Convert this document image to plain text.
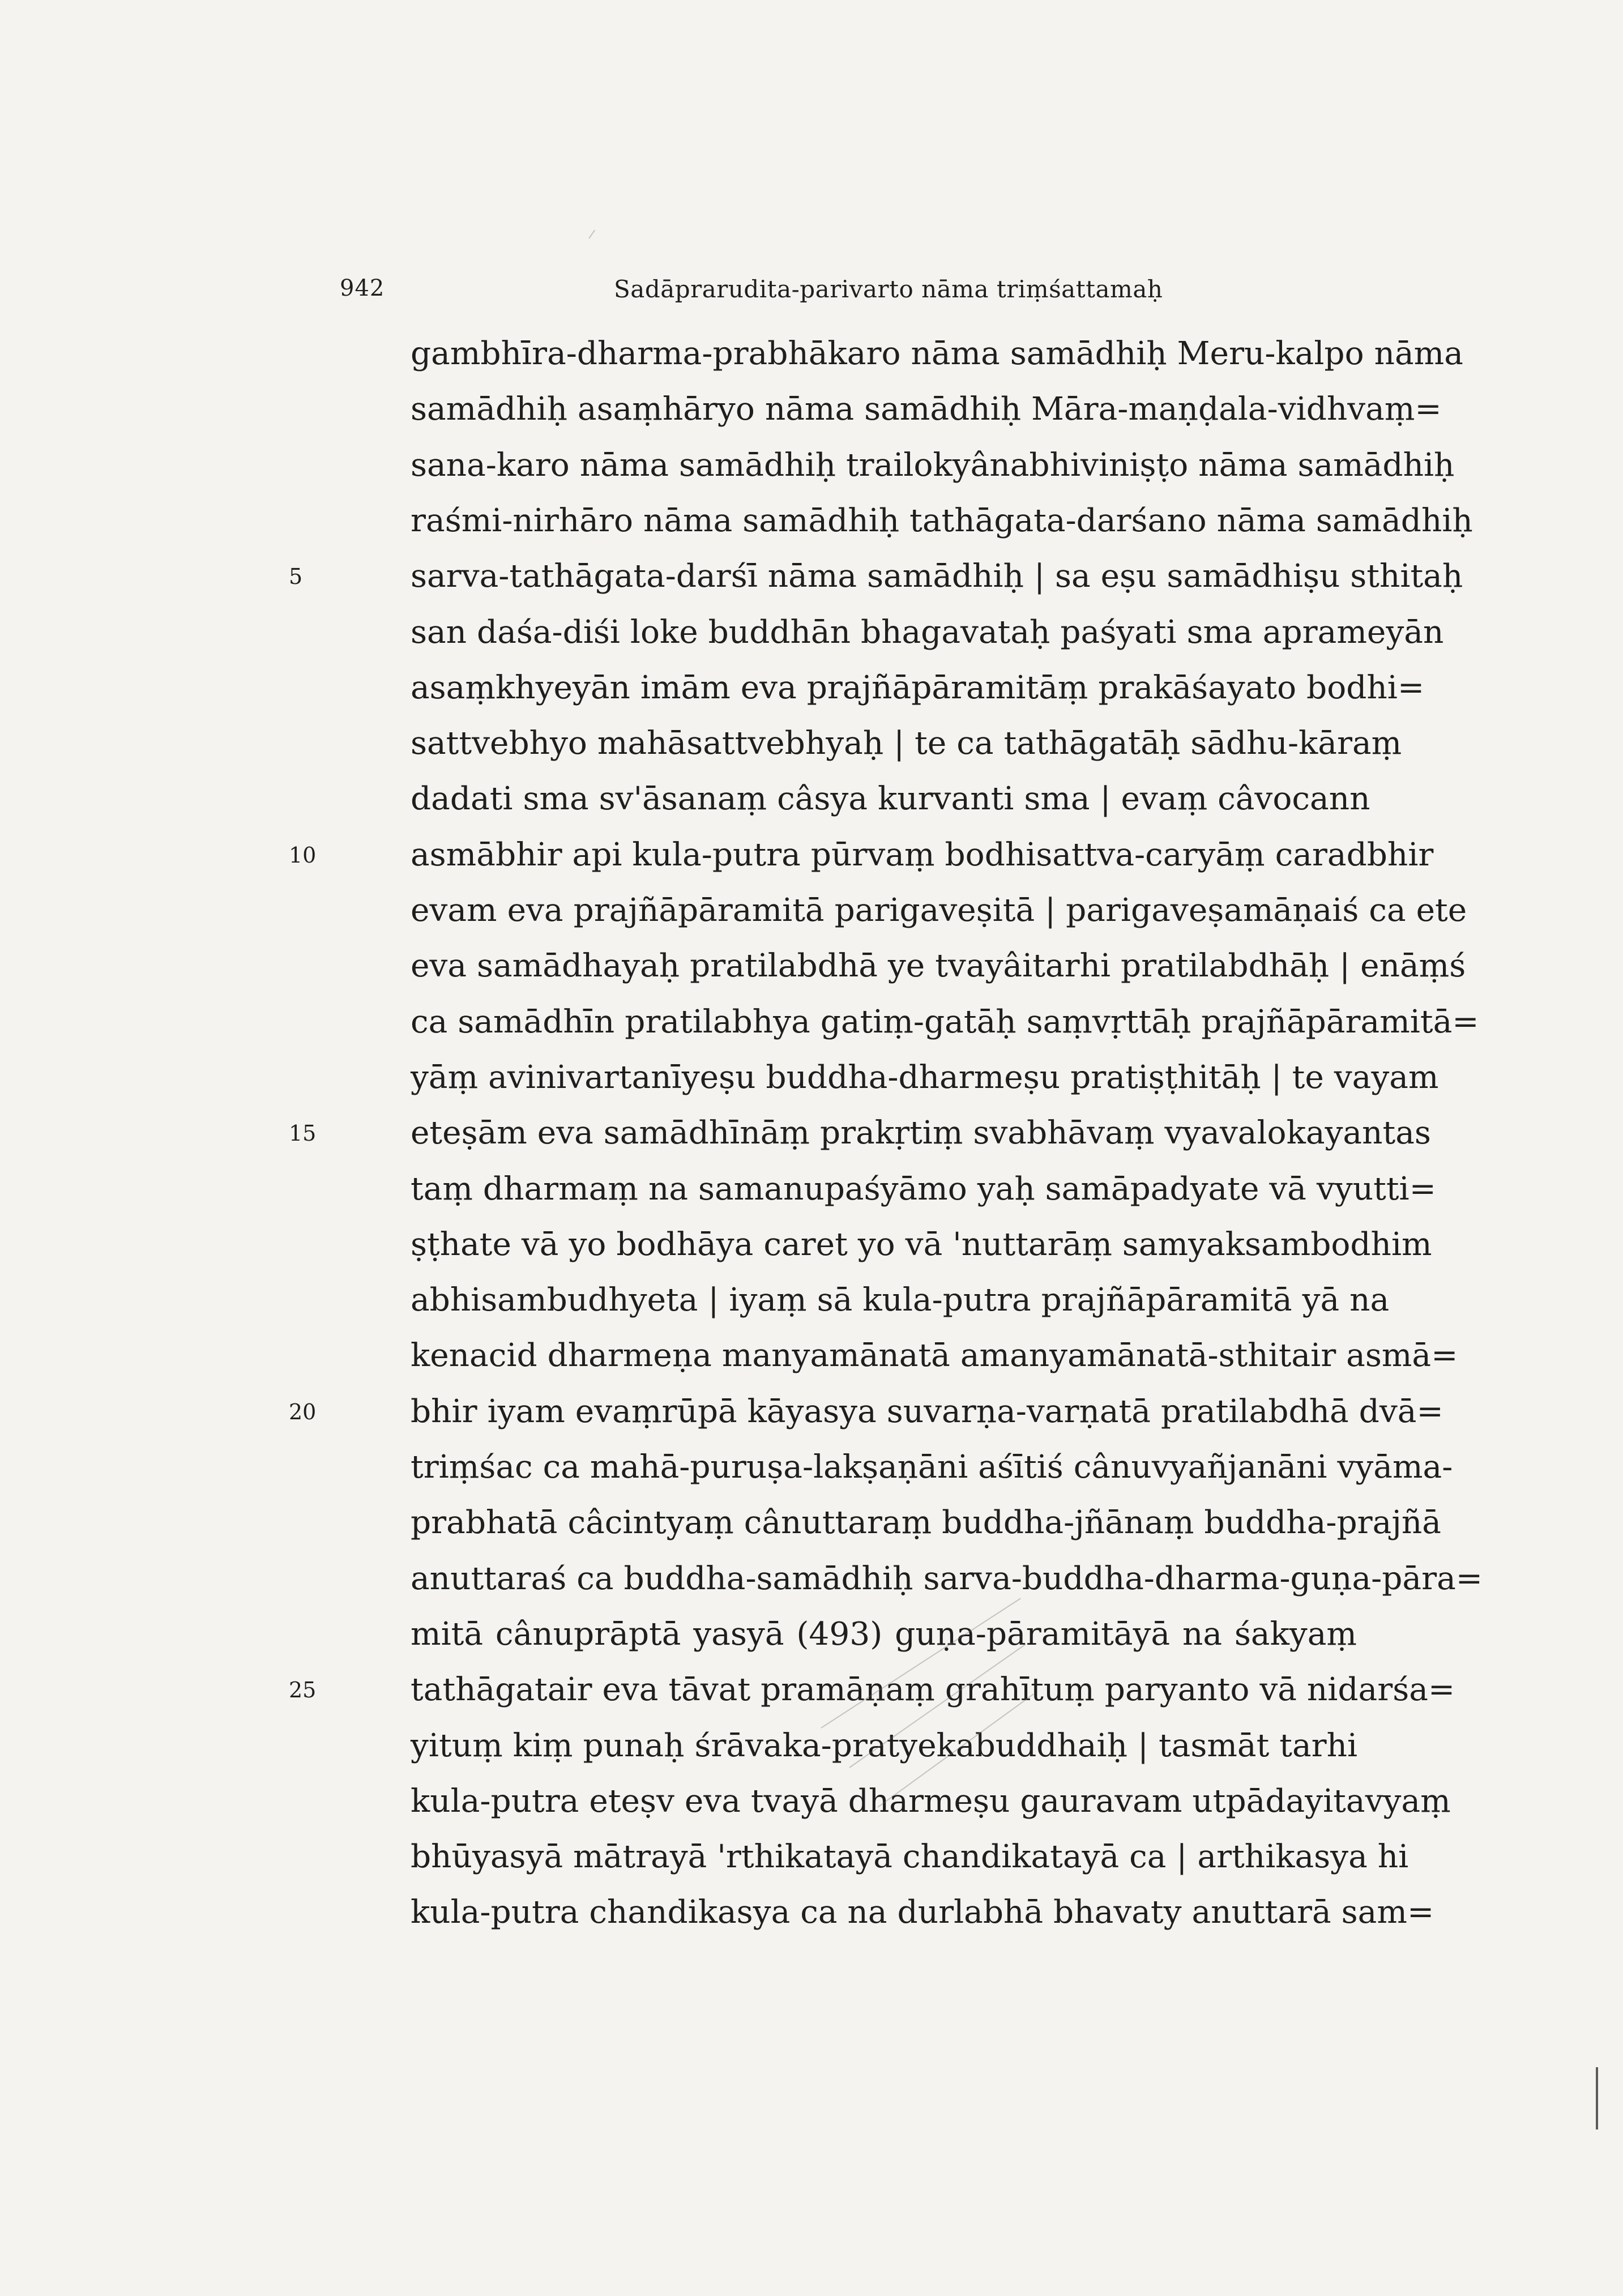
942	Sadāprarudita-parivarto nāma triṃśattamaḥ
gambhīra-dharma-prabhākaro nāma samādhiḥ Meru-kalpo nāma
samādhiḥ asaṃhāryo nāma samādhiḥ Māra-maṇḍala-vidhvaṃ=
sana-karo nāma samādhiḥ trailokyânabhiviniṣṭo nāma samādhiḥ
raśmi-nirhāro nāma samādhiḥ tathāgata-darśano nāma samādhiḥ
sarva-tathāgata-darśī nāma samādhiḥ | sa eṣu samādhiṣu sthitaḥ
san daśa-diśi loke buddhān bhagavataḥ paśyati sma aprameyān
asaṃkhyeyān imām eva prajñāpāramitāṃ prakāśayato bodhi=
sattvebhyo mahāsattvebhyaḥ | te ca tathāgatāḥ sādhu-kāraṃ
dadati sma sv'āsanaṃ câsya kurvanti sma | evaṃ câvocann
asmābhir api kula-putra pūrvaṃ bodhisattva-caryāṃ caradbhir
evam eva prajñāpāramitā parigaveṣitā | parigaveṣamāṇaiś ca ete
eva samādhayaḥ pratilabdhā ye tvayâitarhi pratilabdhāḥ | enāṃś
ca samādhīn pratilabhya gatiṃ-gatāḥ saṃvṛttāḥ prajñāpāramitā=
yāṃ avinivartanīyeṣu buddha-dharmeṣu pratiṣṭhitāḥ | te vayam
eteṣām eva samādhīnāṃ prakṛtiṃ svabhāvaṃ vyavalokayantas
taṃ dharmaṃ na samanupaśyāmo yaḥ samāpadyate vā vyutti=
ṣṭhate vā yo bodhāya caret yo vā 'nuttarāṃ samyaksambodhim
abhisambudhyeta | iyaṃ sā kula-putra prajñāpāramitā yā na
kenacid dharmeṇa manyamānatā amanyamānatā-sthitair asmā=
bhir iyam evaṃrūpā kāyasya suvarṇa-varṇatā pratilabdhā dvā=
triṃśac ca mahā-puruṣa-lakṣaṇāni aśītiś cânuvyañjanāni vyāma-
prabhatā câcintyaṃ cânuttaraṃ buddha-jñānaṃ buddha-prajñā
anuttaraś ca buddha-samādhiḥ sarva-buddha-dharma-guṇa-pāra=
mitā cânuprāptā yasyā (493) guṇa-pāramitāyā na śakyaṃ
tathāgatair eva tāvat pramāṇaṃ grahītuṃ paryanto vā nidarśa=
yituṃ kiṃ punaḥ śrāvaka-pratyekabuddhaiḥ | tasmāt tarhi
kula-putra eteṣv eva tvayā dharmeṣu gauravam utpādayitavyaṃ
bhūyasyā mātrayā 'rthikatayā chandikatayā ca | arthikasya hi
kula-putra chandikasya ca na durlabhā bhavaty anuttarā sam=
5
10
15
20
25
